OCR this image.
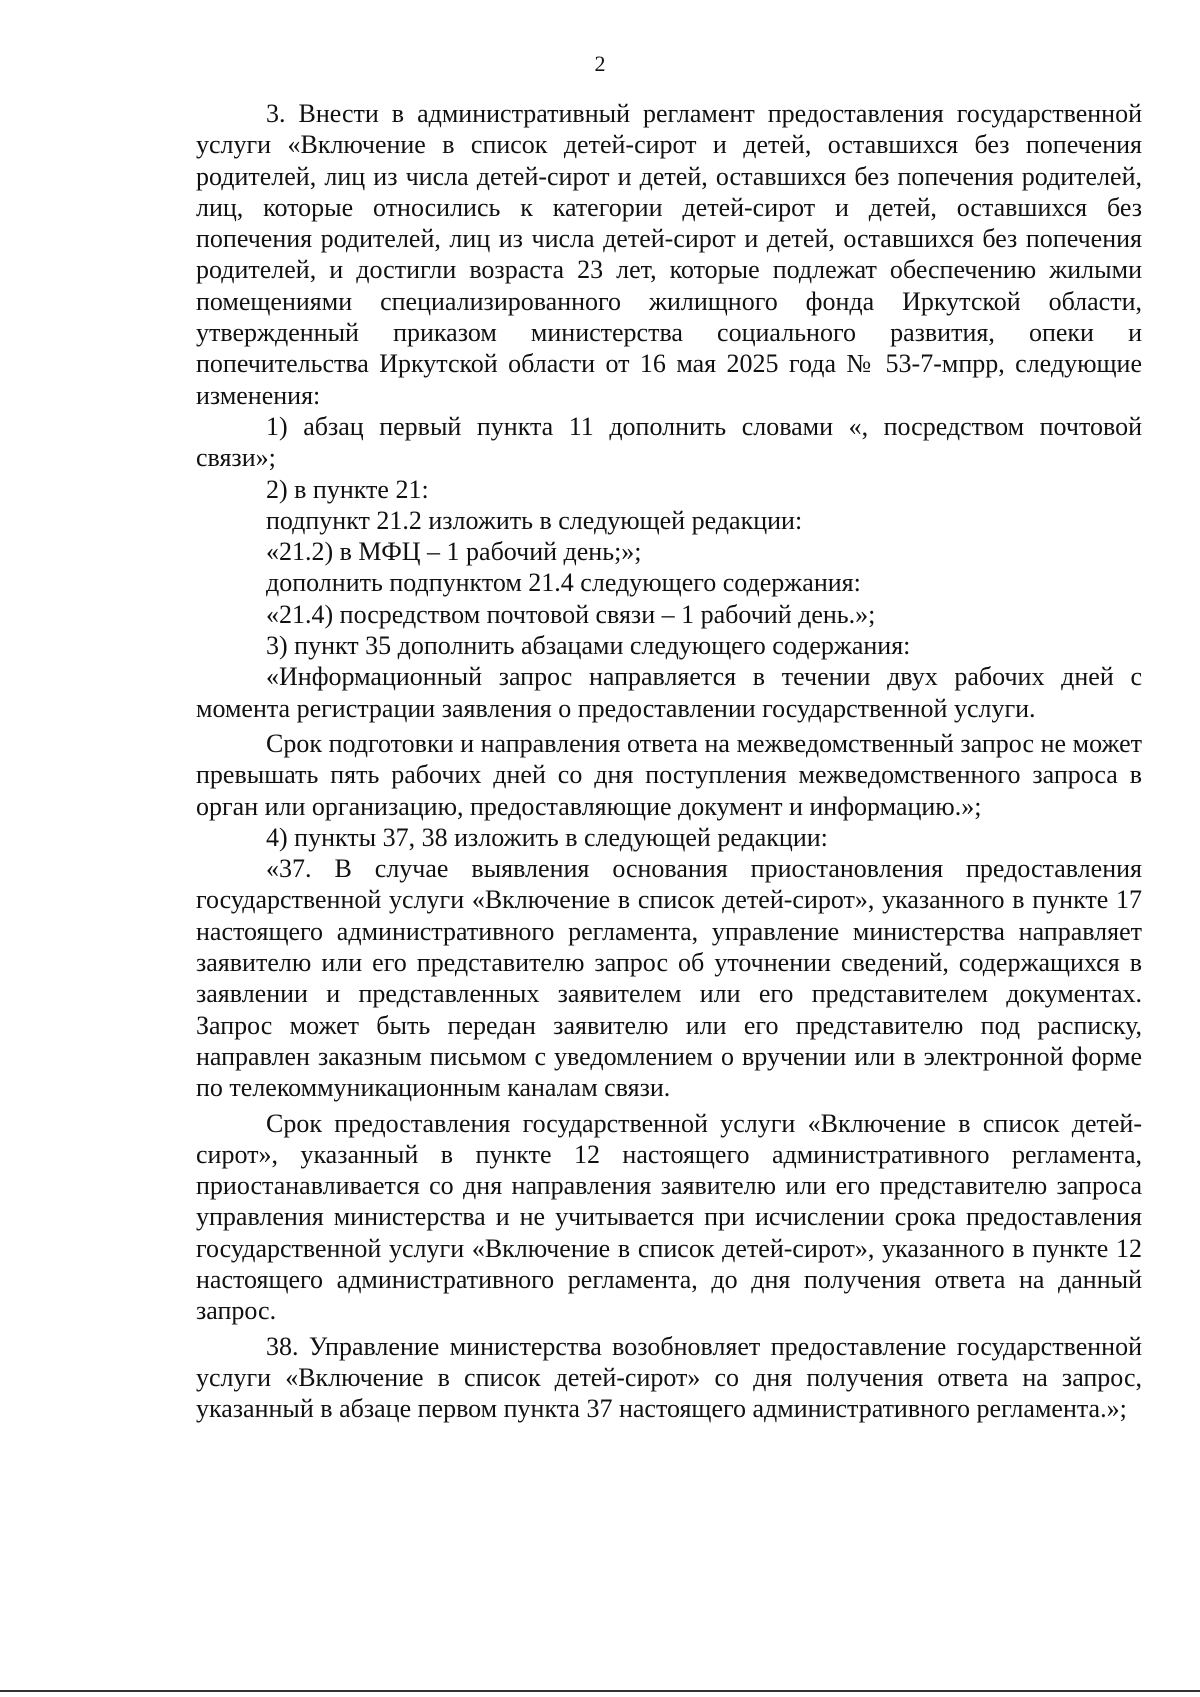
2

3. Внести в административный регламент предоставления государственной услуги «Включение в список детей-сирот и детей, оставшихся без попечения родителей, лиц из числа детей-сирот и детей, оставшихся без попечения родителей, лиц, которые относились к категории детей-сирот и детей, оставшихся без попечения родителей, лиц из числа детей-сирот и детей, оставшихся без попечения родителей, и достигли возраста 23 лет, которые подлежат обеспечению жилыми помещениями специализированного жилищного фонда Иркутской области, утвержденный приказом министерства социального развития, опеки и попечительства Иркутской области от 16 мая 2025 года № 53-7-мпрр, следующие изменения:

1) абзац первый пункта 11 дополнить словами «, посредством почтовой связи»;

2) в пункте 21:

подпункт 21.2 изложить в следующей редакции:

«21.2) в МФЦ – 1 рабочий день;»;

дополнить подпунктом 21.4 следующего содержания:

«21.4) посредством почтовой связи – 1 рабочий день.»;

3) пункт 35 дополнить абзацами следующего содержания:

«Информационный запрос направляется в течении двух рабочих дней с момента регистрации заявления о предоставлении государственной услуги.

Срок подготовки и направления ответа на межведомственный запрос не может превышать пять рабочих дней со дня поступления межведомственного запроса в орган или организацию, предоставляющие документ и информацию.»;

4) пункты 37, 38 изложить в следующей редакции:

«37. В случае выявления основания приостановления предоставления государственной услуги «Включение в список детей-сирот», указанного в пункте 17 настоящего административного регламента, управление министерства направляет заявителю или его представителю запрос об уточнении сведений, содержащихся в заявлении и представленных заявителем или его представителем документах. Запрос может быть передан заявителю или его представителю под расписку, направлен заказным письмом с уведомлением о вручении или в электронной форме по телекоммуникационным каналам связи.

Срок предоставления государственной услуги «Включение в список детей-сирот», указанный в пункте 12 настоящего административного регламента, приостанавливается со дня направления заявителю или его представителю запроса управления министерства и не учитывается при исчислении срока предоставления государственной услуги «Включение в список детей-сирот», указанного в пункте 12 настоящего административного регламента, до дня получения ответа на данный запрос.

38. Управление министерства возобновляет предоставление государственной услуги «Включение в список детей-сирот» со дня получения ответа на запрос, указанный в абзаце первом пункта 37 настоящего административного регламента.»;
